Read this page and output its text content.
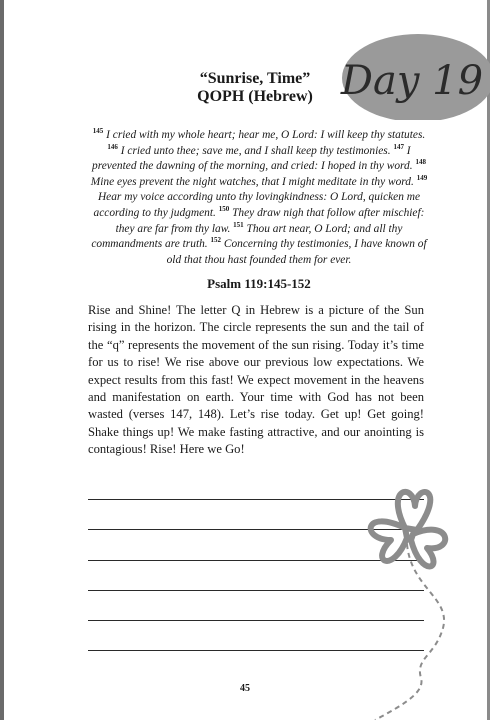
Day 19
“Sunrise, Time”
QOPH (Hebrew)
$^{145}$ I cried with my whole heart; hear me, O Lord: I will keep thy statutes. $^{146}$ I cried unto thee; save me, and I shall keep thy testimonies. $^{147}$ I prevented the dawning of the morning, and cried: I hoped in thy word. $^{148}$ Mine eyes prevent the night watches, that I might meditate in thy word. $^{149}$ Hear my voice according unto thy lovingkindness: O Lord, quicken me according to thy judgment. $^{150}$ They draw nigh that follow after mischief: they are far from thy law. $^{151}$ Thou art near, O Lord; and all thy commandments are truth. $^{152}$ Concerning thy testimonies, I have known of old that thou hast founded them for ever.
Psalm 119:145-152
Rise and Shine! The letter Q in Hebrew is a picture of the Sun rising in the horizon. The circle represents the sun and the tail of the “q” represents the movement of the sun rising. Today it’s time for us to rise! We rise above our previous low expectations. We expect results from this fast! We expect movement in the heavens and manifestation on earth. Your time with God has not been wasted (verses 147, 148). Let’s rise today. Get up! Get going! Shake things up! We make fasting attractive, and our anointing is contagious! Rise! Here we Go!
45
